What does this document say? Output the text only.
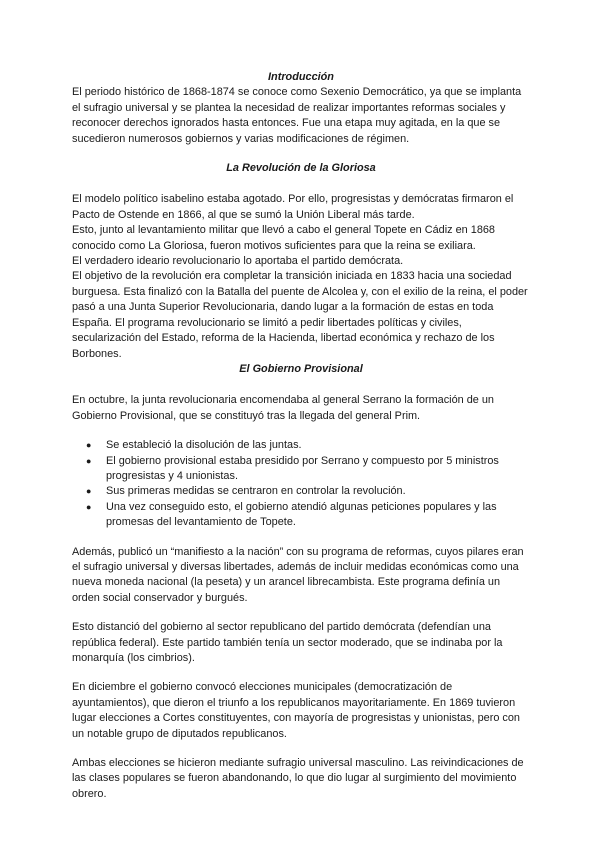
Introducción

El periodo histórico de 1868-1874 se conoce como Sexenio Democrático, ya que se implanta el sufragio universal y se plantea la necesidad de realizar importantes reformas sociales y reconocer derechos ignorados hasta entonces. Fue una etapa muy agitada, en la que se sucedieron numerosos gobiernos y varias modificaciones de régimen.

La Revolución de la Gloriosa

El modelo político isabelino estaba agotado. Por ello, progresistas y demócratas firmaron el Pacto de Ostende en 1866, al que se sumó la Unión Liberal más tarde.

Esto, junto al levantamiento militar que llevó a cabo el general Topete en Cádiz en 1868 conocido como La Gloriosa, fueron motivos suficientes para que la reina se exiliara.

El verdadero ideario revolucionario lo aportaba el partido demócrata.

El objetivo de la revolución era completar la transición iniciada en 1833 hacia una sociedad burguesa. Esta finalizó con la Batalla del puente de Alcolea y, con el exilio de la reina, el poder pasó a una Junta Superior Revolucionaria, dando lugar a la formación de estas en toda España. El programa revolucionario se limitó a pedir libertades políticas y civiles, secularización del Estado, reforma de la Hacienda, libertad económica y rechazo de los Borbones.

El Gobierno Provisional

En octubre, la junta revolucionaria encomendaba al general Serrano la formación de un Gobierno Provisional, que se constituyó tras la llegada del general Prim.

● Se estableció la disolución de las juntas.
● El gobierno provisional estaba presidido por Serrano y compuesto por 5 ministros progresistas y 4 unionistas.
● Sus primeras medidas se centraron en controlar la revolución.
● Una vez conseguido esto, el gobierno atendió algunas peticiones populares y las promesas del levantamiento de Topete.

Además, publicó un “manifiesto a la nación” con su programa de reformas, cuyos pilares eran el sufragio universal y diversas libertades, además de incluir medidas económicas como una nueva moneda nacional (la peseta) y un arancel librecambista. Este programa definía un orden social conservador y burgués.

Esto distanció del gobierno al sector republicano del partido demócrata (defendían una república federal). Este partido también tenía un sector moderado, que se indinaba por la monarquía (los cimbrios).

En diciembre el gobierno convocó elecciones municipales (democratización de ayuntamientos), que dieron el triunfo a los republicanos mayoritariamente. En 1869 tuvieron lugar elecciones a Cortes constituyentes, con mayoría de progresistas y unionistas, pero con un notable grupo de diputados republicanos.

Ambas elecciones se hicieron mediante sufragio universal masculino. Las reivindicaciones de las clases populares se fueron abandonando, lo que dio lugar al surgimiento del movimiento obrero.
